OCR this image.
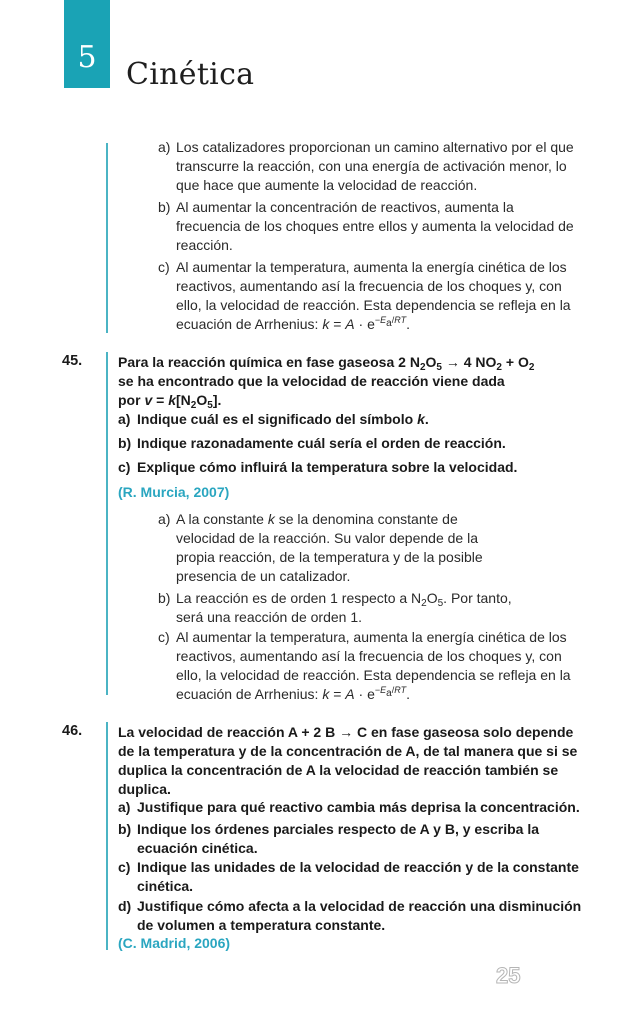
5 Cinética
a) Los catalizadores proporcionan un camino alternativo por el que transcurre la reacción, con una energía de activación menor, lo que hace que aumente la velocidad de reacción.
b) Al aumentar la concentración de reactivos, aumenta la frecuencia de los choques entre ellos y aumenta la velocidad de reacción.
c) Al aumentar la temperatura, aumenta la energía cinética de los reactivos, aumentando así la frecuencia de los choques y, con ello, la velocidad de reacción. Esta dependencia se refleja en la ecuación de Arrhenius: $k = A \cdot e^{-E_a/RT}$.
45.	Para la reacción química en fase gaseosa 2 $N_2O_5 \to 4$ $NO_2 + O_2$
se ha encontrado que la velocidad de reacción viene dada
por $v = k[N_2O_5]$.
a) Indique cuál es el significado del símbolo k.
b) Indique razonadamente cuál sería el orden de reacción.
c) Explique cómo influirá la temperatura sobre la velocidad.
(R. Murcia, 2007)
a) A la constante k se la denomina constante de velocidad de la reacción. Su valor depende de la propia reacción, de la temperatura y de la posible presencia de un catalizador.
b) La reacción es de orden 1 respecto a $N_2O_5$. Por tanto, será una reacción de orden 1.
c) Al aumentar la temperatura, aumenta la energía cinética de los reactivos, aumentando así la frecuencia de los choques y, con ello, la velocidad de reacción. Esta dependencia se refleja en la ecuación de Arrhenius: $k = A \cdot e^{-E_a/RT}$.
46.	La velocidad de reacción A + 2 B → C en fase gaseosa solo depende de la temperatura y de la concentración de A, de tal manera que si se duplica la concentración de A la velocidad de reacción también se duplica.
a) Justifique para qué reactivo cambia más deprisa la concentración.
b) Indique los órdenes parciales respecto de A y B, y escriba la ecuación cinética.
c) Indique las unidades de la velocidad de reacción y de la constante cinética.
d) Justifique cómo afecta a la velocidad de reacción una disminución de volumen a temperatura constante.
(C. Madrid, 2006)
25
